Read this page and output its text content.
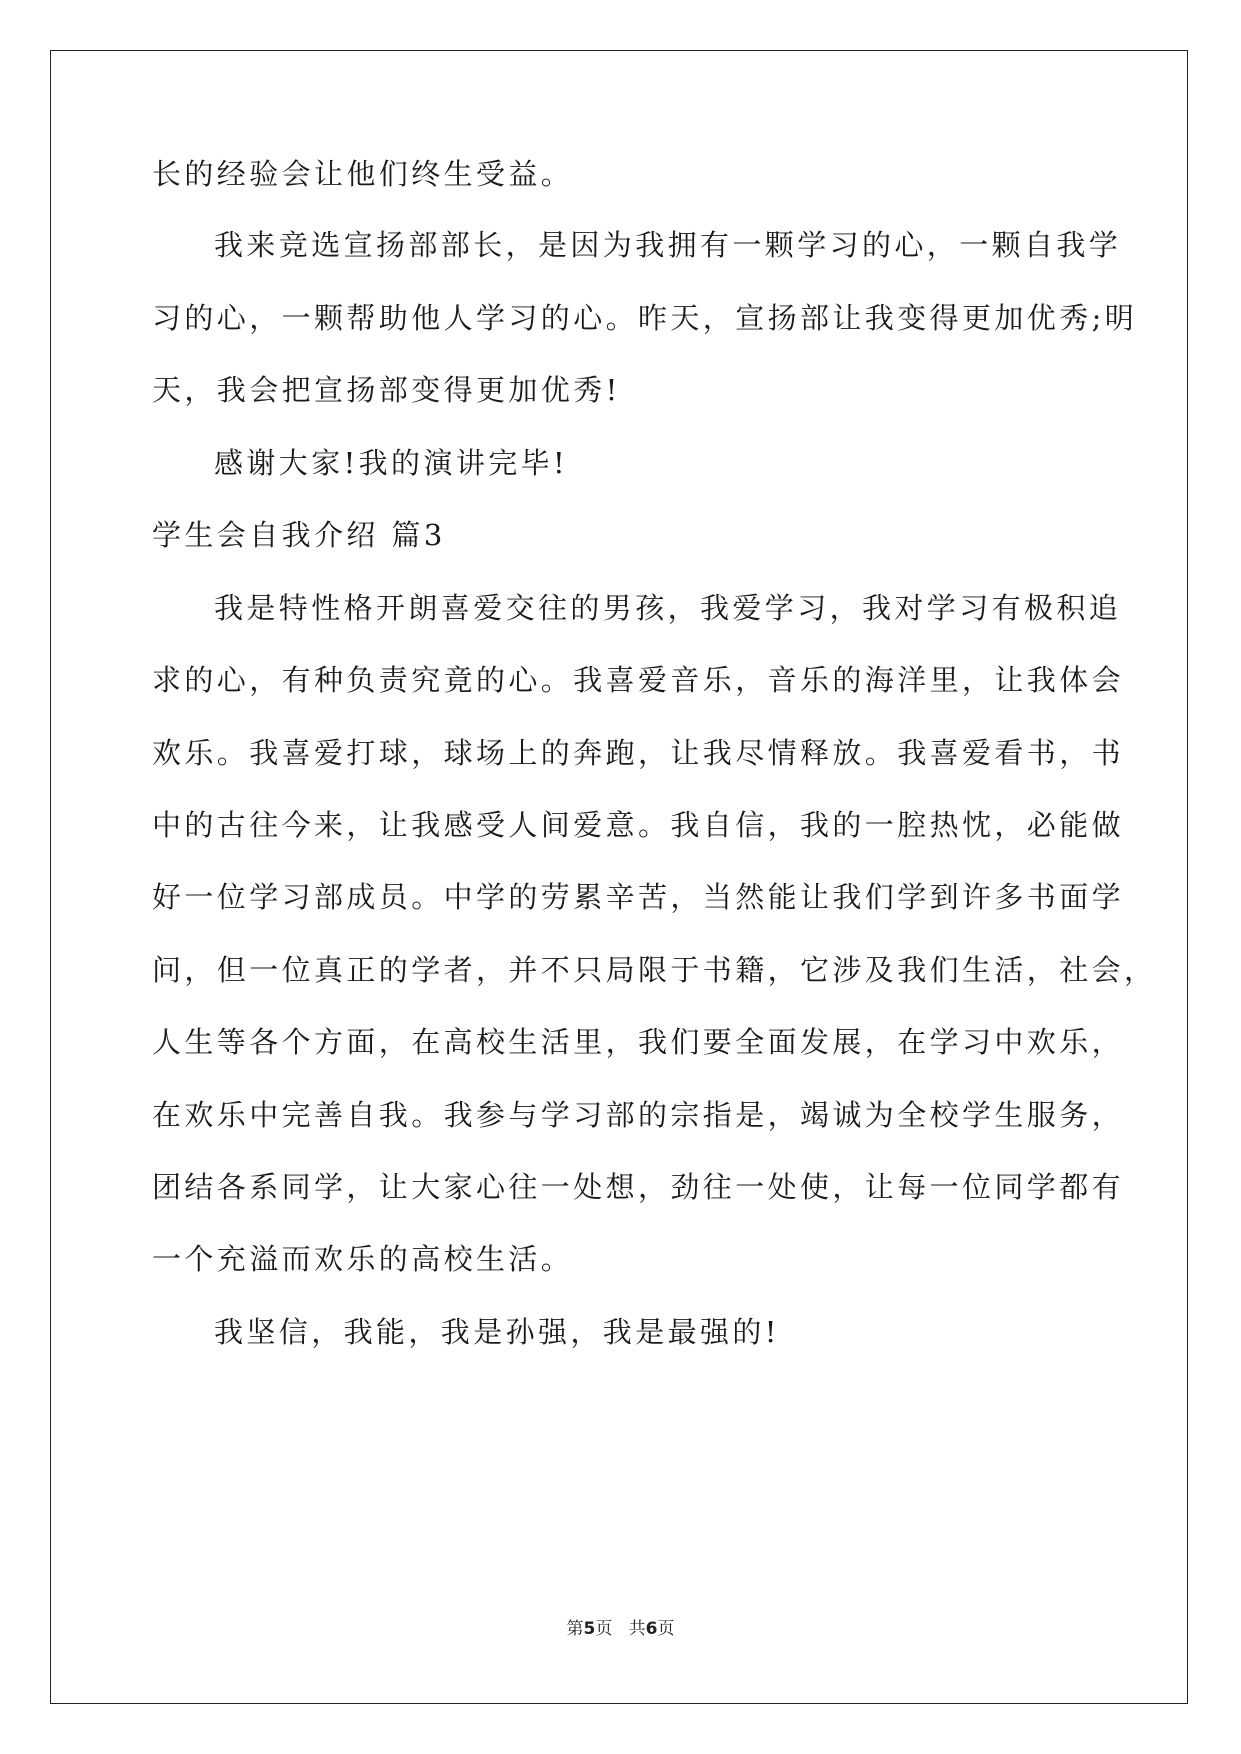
长的经验会让他们终生受益。
我来竞选宣扬部部长，是因为我拥有一颗学习的心，一颗自我学
习的心，一颗帮助他人学习的心。昨天，宣扬部让我变得更加优秀;明
天，我会把宣扬部变得更加优秀!
感谢大家!我的演讲完毕!
学生会自我介绍 篇3
我是特性格开朗喜爱交往的男孩，我爱学习，我对学习有极积追
求的心，有种负责究竟的心。我喜爱音乐，音乐的海洋里，让我体会
欢乐。我喜爱打球，球场上的奔跑，让我尽情释放。我喜爱看书，书
中的古往今来，让我感受人间爱意。我自信，我的一腔热忱，必能做
好一位学习部成员。中学的劳累辛苦，当然能让我们学到许多书面学
问，但一位真正的学者，并不只局限于书籍，它涉及我们生活，社会，
人生等各个方面，在高校生活里，我们要全面发展，在学习中欢乐，
在欢乐中完善自我。我参与学习部的宗指是，竭诚为全校学生服务，
团结各系同学，让大家心往一处想，劲往一处使，让每一位同学都有
一个充溢而欢乐的高校生活。
我坚信，我能，我是孙强，我是最强的!
第5页 共6页
